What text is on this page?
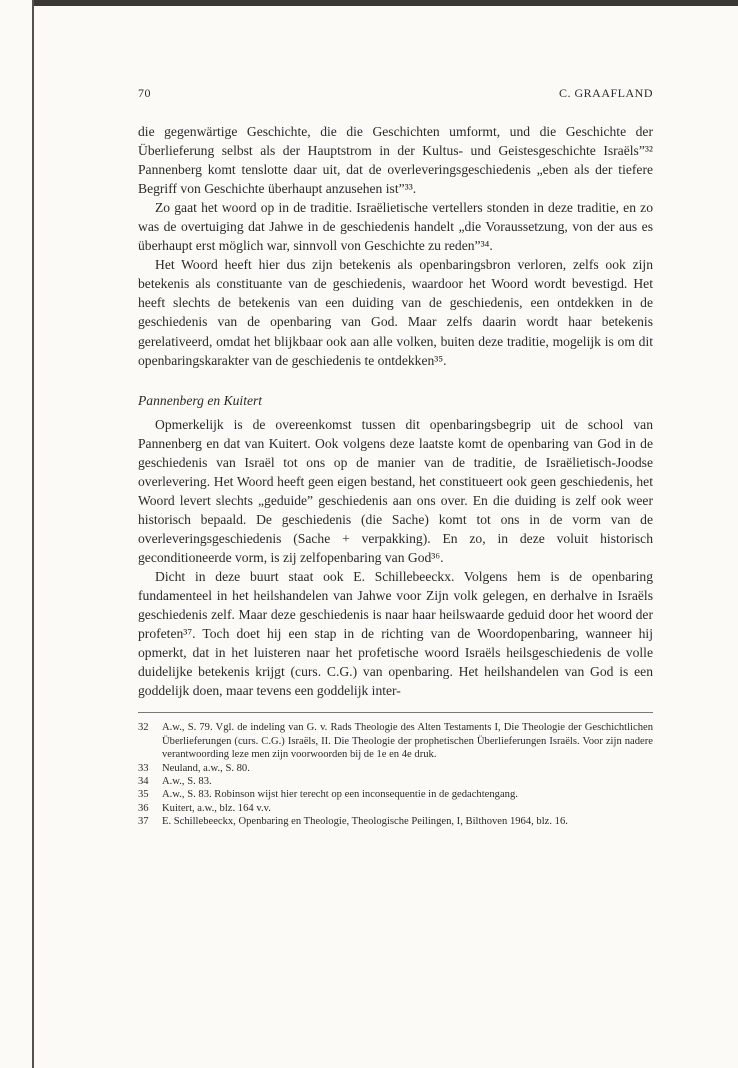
70	C. GRAAFLAND

die gegenwärtige Geschichte, die die Geschichten umformt, und die Geschichte der Überlieferung selbst als der Hauptstrom in der Kultus- und Geistesgeschichte Israëls”³² Pannenberg komt tenslotte daar uit, dat de overleveringsgeschiedenis „eben als der tiefere Begriff von Geschichte überhaupt anzusehen ist”³³.

Zo gaat het woord op in de traditie. Israëlietische vertellers stonden in deze traditie, en zo was de overtuiging dat Jahwe in de geschiedenis handelt „die Voraussetzung, von der aus es überhaupt erst möglich war, sinnvoll von Geschichte zu reden”³⁴.

Het Woord heeft hier dus zijn betekenis als openbaringsbron verloren, zelfs ook zijn betekenis als constituante van de geschiedenis, waardoor het Woord wordt bevestigd. Het heeft slechts de betekenis van een duiding van de geschiedenis, een ontdekken in de geschiedenis van de openbaring van God. Maar zelfs daarin wordt haar betekenis gerelativeerd, omdat het blijkbaar ook aan alle volken, buiten deze traditie, mogelijk is om dit openbaringskarakter van de geschiedenis te ontdekken³⁵.

Pannenberg en Kuitert

Opmerkelijk is de overeenkomst tussen dit openbaringsbegrip uit de school van Pannenberg en dat van Kuitert. Ook volgens deze laatste komt de openbaring van God in de geschiedenis van Israël tot ons op de manier van de traditie, de Israëlietisch-Joodse overlevering. Het Woord heeft geen eigen bestand, het constitueert ook geen geschiedenis, het Woord levert slechts „geduide” geschiedenis aan ons over. En die duiding is zelf ook weer historisch bepaald. De geschiedenis (die Sache) komt tot ons in de vorm van de overleveringsgeschiedenis (Sache + verpakking). En zo, in deze voluit historisch geconditioneerde vorm, is zij zelfopenbaring van God³⁶.

Dicht in deze buurt staat ook E. Schillebeeckx. Volgens hem is de openbaring fundamenteel in het heilshandelen van Jahwe voor Zijn volk gelegen, en derhalve in Israëls geschiedenis zelf. Maar deze geschiedenis is naar haar heilswaarde geduid door het woord der profeten³⁷. Toch doet hij een stap in de richting van de Woordopenbaring, wanneer hij opmerkt, dat in het luisteren naar het profetische woord Israëls heilsgeschiedenis de volle duidelijke betekenis krijgt (curs. C.G.) van openbaring. Het heilshandelen van God is een goddelijk doen, maar tevens een goddelijk inter-

32	A.w., S. 79. Vgl. de indeling van G. v. Rads Theologie des Alten Testaments I, Die Theologie der Geschichtlichen Überlieferungen (curs. C.G.) Israëls, II. Die Theologie der prophetischen Überlieferungen Israëls. Voor zijn nadere verantwoording leze men zijn voorwoorden bij de 1e en 4e druk.
33	Neuland, a.w., S. 80.
34	A.w., S. 83.
35	A.w., S. 83. Robinson wijst hier terecht op een inconsequentie in de gedachtengang.
36	Kuitert, a.w., blz. 164 v.v.
37	E. Schillebeeckx, Openbaring en Theologie, Theologische Peilingen, I, Bilthoven 1964, blz. 16.
